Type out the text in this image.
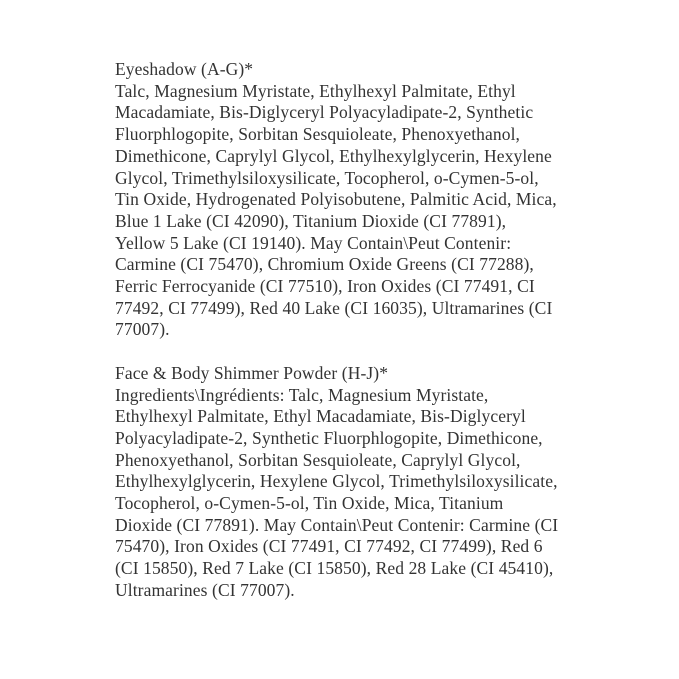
Eyeshadow (A-G)*
Talc, Magnesium Myristate, Ethylhexyl Palmitate, Ethyl
Macadamiate, Bis-Diglyceryl Polyacyladipate-2, Synthetic
Fluorphlogopite, Sorbitan Sesquioleate, Phenoxyethanol,
Dimethicone, Caprylyl Glycol, Ethylhexylglycerin, Hexylene
Glycol, Trimethylsiloxysilicate, Tocopherol, o-Cymen-5-ol,
Tin Oxide, Hydrogenated Polyisobutene, Palmitic Acid, Mica,
Blue 1 Lake (CI 42090), Titanium Dioxide (CI 77891),
Yellow 5 Lake (CI 19140). May Contain\Peut Contenir:
Carmine (CI 75470), Chromium Oxide Greens (CI 77288),
Ferric Ferrocyanide (CI 77510), Iron Oxides (CI 77491, CI
77492, CI 77499), Red 40 Lake (CI 16035), Ultramarines (CI
77007).
Face & Body Shimmer Powder (H-J)*
Ingredients\Ingrédients: Talc, Magnesium Myristate,
Ethylhexyl Palmitate, Ethyl Macadamiate, Bis-Diglyceryl
Polyacyladipate-2, Synthetic Fluorphlogopite, Dimethicone,
Phenoxyethanol, Sorbitan Sesquioleate, Caprylyl Glycol,
Ethylhexylglycerin, Hexylene Glycol, Trimethylsiloxysilicate,
Tocopherol, o-Cymen-5-ol, Tin Oxide, Mica, Titanium
Dioxide (CI 77891). May Contain\Peut Contenir: Carmine (CI
75470), Iron Oxides (CI 77491, CI 77492, CI 77499), Red 6
(CI 15850), Red 7 Lake (CI 15850), Red 28 Lake (CI 45410),
Ultramarines (CI 77007).
